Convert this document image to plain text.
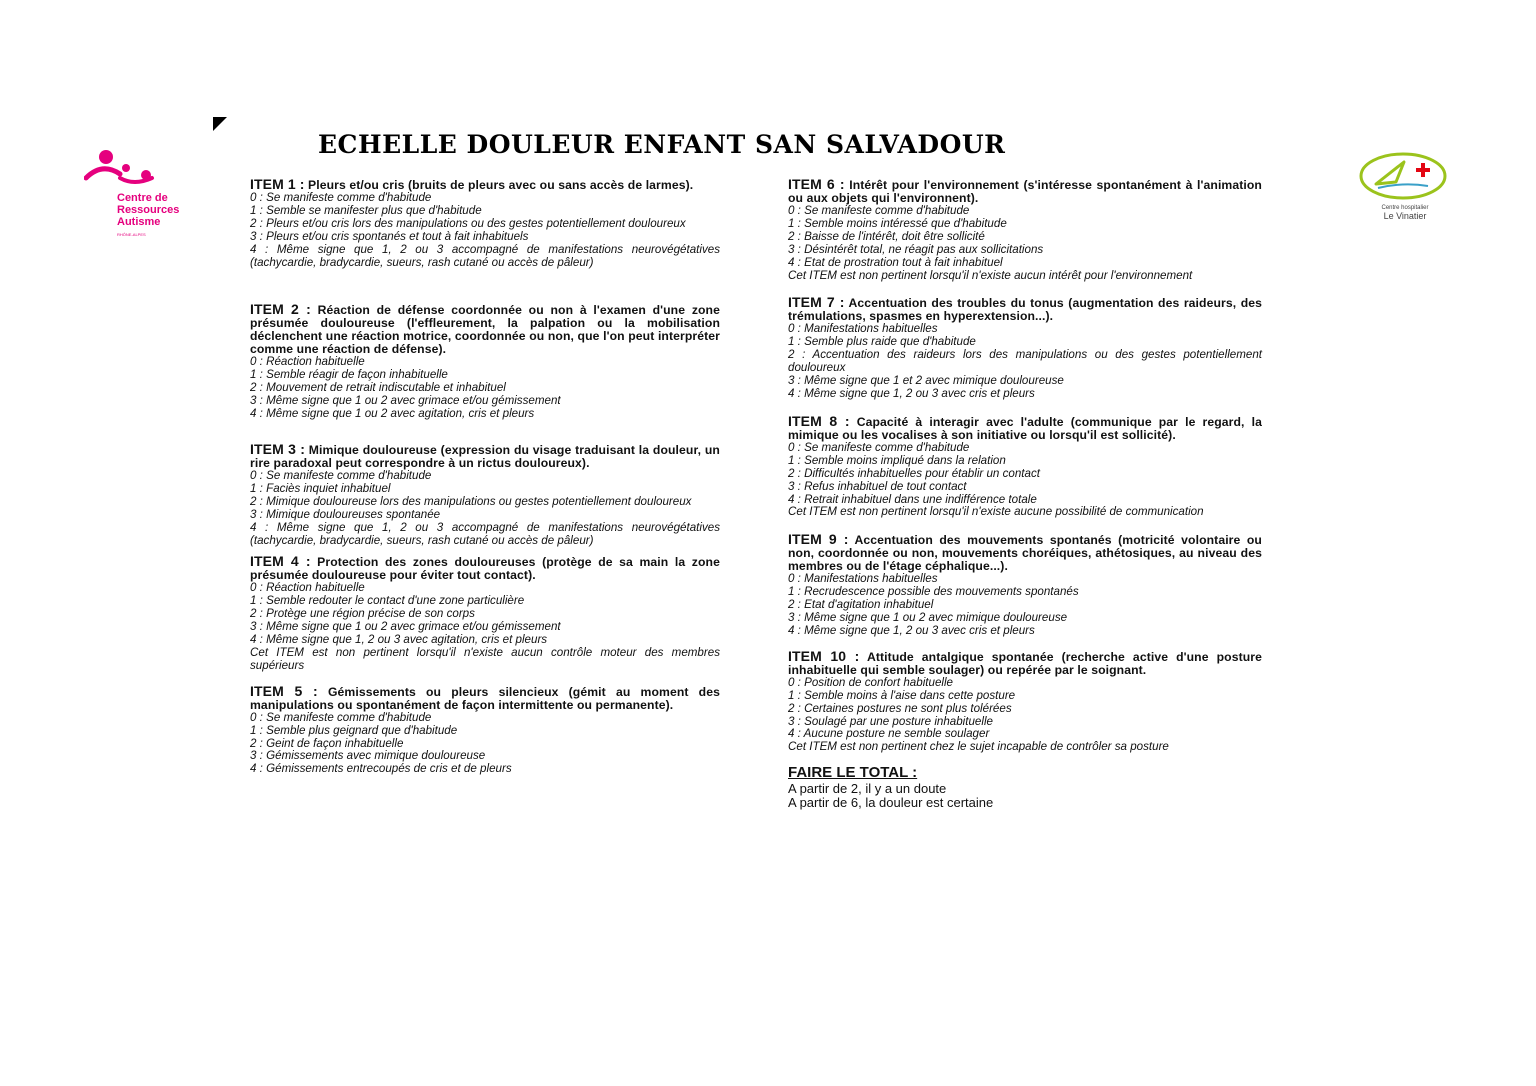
ECHELLE DOULEUR ENFANT SAN SALVADOUR
Centre de
Ressources
Autisme
RHÔNE-ALPES
Centre hospitalier
Le Vinatier
ITEM 1 : Pleurs et/ou cris (bruits de pleurs avec ou sans accès de larmes).
0 : Se manifeste comme d'habitude
1 : Semble se manifester plus que d'habitude
2 : Pleurs et/ou cris lors des manipulations ou des gestes potentiellement douloureux
3 : Pleurs et/ou cris spontanés et tout à fait inhabituels
4 : Même signe que 1, 2 ou 3 accompagné de manifestations neurovégétatives (tachycardie, bradycardie, sueurs, rash cutané ou accès de pâleur)
ITEM 2 : Réaction de défense coordonnée ou non à l'examen d'une zone présumée douloureuse (l'effleurement, la palpation ou la mobilisation déclenchent une réaction motrice, coordonnée ou non, que l'on peut interpréter comme une réaction de défense).
0 : Réaction habituelle
1 : Semble réagir de façon inhabituelle
2 : Mouvement de retrait indiscutable et inhabituel
3 : Même signe que 1 ou 2 avec grimace et/ou gémissement
4 : Même signe que 1 ou 2 avec agitation, cris et pleurs
ITEM 3 : Mimique douloureuse (expression du visage traduisant la douleur, un rire paradoxal peut correspondre à un rictus douloureux).
0 : Se manifeste comme d'habitude
1 : Faciès inquiet inhabituel
2 : Mimique douloureuse lors des manipulations ou gestes potentiellement douloureux
3 : Mimique douloureuses spontanée
4 : Même signe que 1, 2 ou 3 accompagné de manifestations neurovégétatives (tachycardie, bradycardie, sueurs, rash cutané ou accès de pâleur)
ITEM 4 : Protection des zones douloureuses (protège de sa main la zone présumée douloureuse pour éviter tout contact).
0 : Réaction habituelle
1 : Semble redouter le contact d'une zone particulière
2 : Protège une région précise de son corps
3 : Même signe que 1 ou 2 avec grimace et/ou gémissement
4 : Même signe que 1, 2 ou 3 avec agitation, cris et pleurs
Cet ITEM est non pertinent lorsqu'il n'existe aucun contrôle moteur des membres supérieurs
ITEM 5 : Gémissements ou pleurs silencieux (gémit au moment des manipulations ou spontanément de façon intermittente ou permanente).
0 : Se manifeste comme d'habitude
1 : Semble plus geignard que d'habitude
2 : Geint de façon inhabituelle
3 : Gémissements avec mimique douloureuse
4 : Gémissements entrecoupés de cris et de pleurs
ITEM 6 : Intérêt pour l'environnement (s'intéresse spontanément à l'animation ou aux objets qui l'environnent).
0 : Se manifeste comme d'habitude
1 : Semble moins intéressé que d'habitude
2 : Baisse de l'intérêt, doit être sollicité
3 : Désintérêt total, ne réagit pas aux sollicitations
4 : Etat de prostration tout à fait inhabituel
Cet ITEM est non pertinent lorsqu'il n'existe aucun intérêt pour l'environnement
ITEM 7 : Accentuation des troubles du tonus (augmentation des raideurs, des trémulations, spasmes en hyperextension...).
0 : Manifestations habituelles
1 : Semble plus raide que d'habitude
2 : Accentuation des raideurs lors des manipulations ou des gestes potentiellement douloureux
3 : Même signe que 1 et 2 avec mimique douloureuse
4 : Même signe que 1, 2 ou 3 avec cris et pleurs
ITEM 8 : Capacité à interagir avec l'adulte (communique par le regard, la mimique ou les vocalises à son initiative ou lorsqu'il est sollicité).
0 : Se manifeste comme d'habitude
1 : Semble moins impliqué dans la relation
2 : Difficultés inhabituelles pour établir un contact
3 : Refus inhabituel de tout contact
4 : Retrait inhabituel dans une indifférence totale
Cet ITEM est non pertinent lorsqu'il n'existe aucune possibilité de communication
ITEM 9 : Accentuation des mouvements spontanés (motricité volontaire ou non, coordonnée ou non, mouvements choréiques, athétosiques, au niveau des membres ou de l'étage céphalique...).
0 : Manifestations habituelles
1 : Recrudescence possible des mouvements spontanés
2 : Etat d'agitation inhabituel
3 : Même signe que 1 ou 2 avec mimique douloureuse
4 : Même signe que 1, 2 ou 3 avec cris et pleurs
ITEM 10 : Attitude antalgique spontanée (recherche active d'une posture inhabituelle qui semble soulager) ou repérée par le soignant.
0 : Position de confort habituelle
1 : Semble moins à l'aise dans cette posture
2 : Certaines postures ne sont plus tolérées
3 : Soulagé par une posture inhabituelle
4 : Aucune posture ne semble soulager
Cet ITEM est non pertinent chez le sujet incapable de contrôler sa posture
FAIRE LE TOTAL :
A partir de 2, il y a un doute
A partir de 6, la douleur est certaine
